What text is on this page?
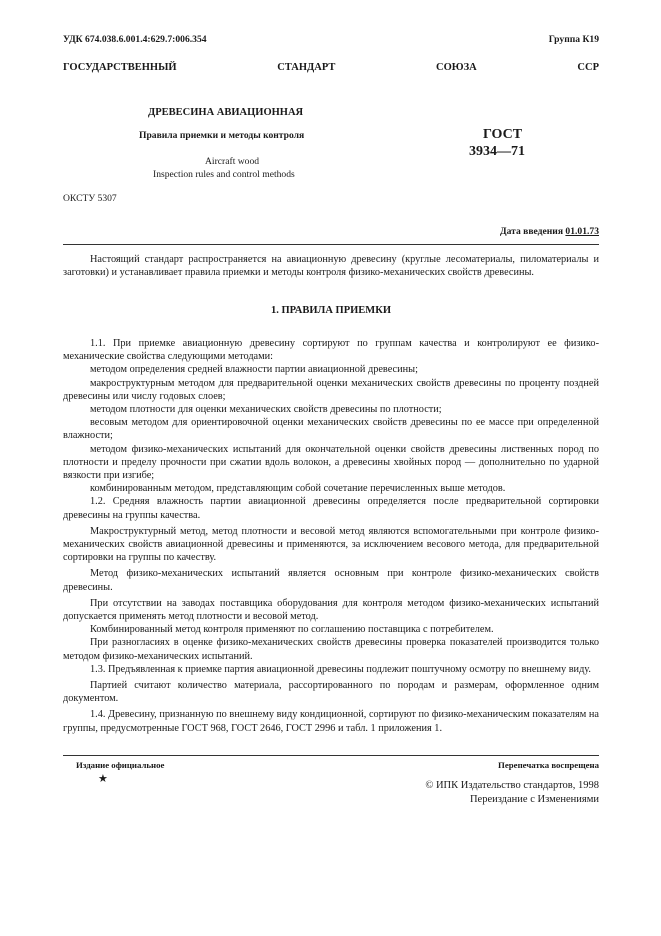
УДК 674.038.6.001.4:629.7:006.354	Группа К19
ГОСУДАРСТВЕННЫЙ СТАНДАРТ СОЮЗА ССР
ДРЕВЕСИНА АВИАЦИОННАЯ
Правила приемки и методы контроля	ГОСТ
3934—71
Aircraft wood
Inspection rules and control methods
ОКСТУ 5307
Дата введения 01.01.73

Настоящий стандарт распространяется на авиационную древесину (круглые лесоматериалы, пиломатериалы и заготовки) и устанавливает правила приемки и методы контроля физико-механических свойств древесины.

1. ПРАВИЛА ПРИЕМКИ

1.1. При приемке авиационную древесину сортируют по группам качества и контролируют ее физико-механические свойства следующими методами:

методом определения средней влажности партии авиационной древесины;

макроструктурным методом для предварительной оценки механических свойств древесины по проценту поздней древесины или числу годовых слоев;

методом плотности для оценки механических свойств древесины по плотности;

весовым методом для ориентировочной оценки механических свойств древесины по ее массе при определенной влажности;

методом физико-механических испытаний для окончательной оценки свойств древесины лиственных пород по плотности и пределу прочности при сжатии вдоль волокон, а древесины хвойных пород — дополнительно по ударной вязкости при изгибе;

комбинированным методом, представляющим собой сочетание перечисленных выше методов.

1.2. Средняя влажность партии авиационной древесины определяется после предварительной сортировки древесины на группы качества.

Макроструктурный метод, метод плотности и весовой метод являются вспомогательными при контроле физико-механических свойств авиационной древесины и применяются, за исключением весового метода, для предварительной сортировки на группы по качеству.

Метод физико-механических испытаний является основным при контроле физико-механических свойств древесины.

При отсутствии на заводах поставщика оборудования для контроля методом физико-механических испытаний допускается применять метод плотности и весовой метод.

Комбинированный метод контроля применяют по соглашению поставщика с потребителем.

При разногласиях в оценке физико-механических свойств древесины проверка показателей производится только методом физико-механических испытаний.

1.3. Предъявленная к приемке партия авиационной древесины подлежит поштучному осмотру по внешнему виду.

Партией считают количество материала, рассортированного по породам и размерам, оформленное одним документом.

1.4. Древесину, признанную по внешнему виду кондиционной, сортируют по физико-механическим показателям на группы, предусмотренные ГОСТ 968, ГОСТ 2646, ГОСТ 2996 и табл. 1 приложения 1.

Издание официальное	Перепечатка воспрещена
★
© ИПК Издательство стандартов, 1998
Переиздание с Изменениями
